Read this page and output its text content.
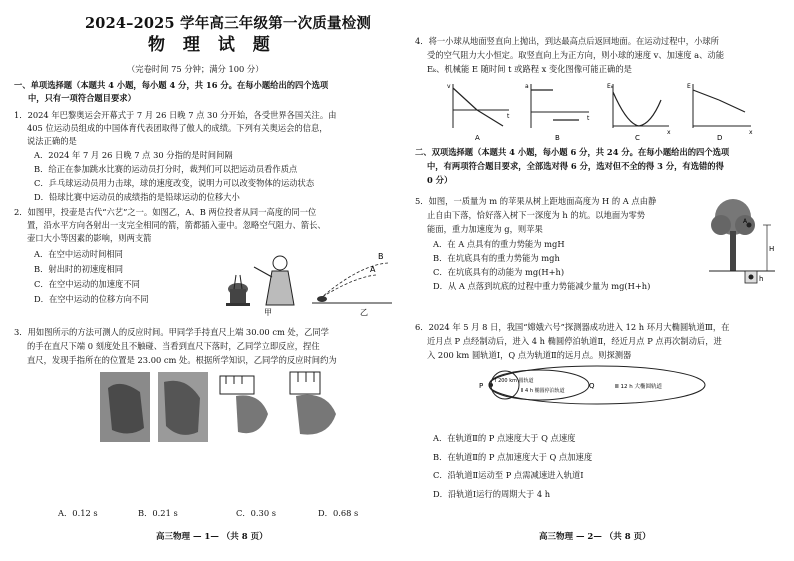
2024–2025 学年高三年级第一次质量检测
物 理 试 题
（完卷时间 75 分钟；满分 100 分）
一、单项选择题（本题共 4 小题，每小题 4 分，共 16 分。在每小题给出的四个选项
中，只有一项符合题目要求）
1．2024 年巴黎奥运会开幕式于 7 月 26 日晚 7 点 30 分开始，各受世界各国关注。由
405 位运动员组成的中国体育代表团取得了傲人的成绩。下列有关奥运会的信息，
说法正确的是
A．2024 年 7 月 26 日晚 7 点 30 分指的是时间间隔
B．给正在参加跳水比赛的运动员打分时，裁判们可以把运动员看作质点
C．乒乓球运动员用力击球，球的速度改变，说明力可以改变物体的运动状态
D．铅球比赛中运动员的成绩指的是铅球运动的位移大小
2．如图甲，投壶是古代“六艺”之一。如图乙，A、B 两位投者从同一高度的同一位
置，沿水平方向各射出一支完全相同的箭，箭都插入壶中。忽略空气阻力、箭长、
壶口大小等因素的影响，则两支箭
A．在空中运动时间相同
B．射出时的初速度相同
C．在空中运动的加速度不同
D．在空中运动的位移方向不同
甲
B
A
乙
3．用如图所示的方法可测人的反应时间。甲同学手持直尺上端 30.00 cm 处，乙同学
的手在直尺下端 0 刻度处且不触碰、当看到直尺下落时，乙同学立即反应，捏住
直尺，发现手指所在的位置是 23.00 cm 处。根据所学知识，乙同学的反应时间约为
A．0.12 s	B．0.21 s	C．0.30 s	D．0.68 s
高三物理 — 1— （共 8 页）
4．将一小球从地面竖直向上抛出，到达最高点后返回地面。在运动过程中，小球所
受的空气阻力大小恒定。取竖直向上为正方向，则小球的速度 v、加速度 a、动能
Eₖ、机械能 E 随时间 t 或路程 x 变化图像可能正确的是
v
t
A
a
t
B
Eₖ
x
C
E
x
D
二、双项选择题（本题共 4 小题，每小题 6 分，共 24 分。在每小题给出的四个选项
中，有两项符合题目要求，全部选对得 6 分，选对但不全的得 3 分，有选错的得
0 分）
5．如图，一质量为 m 的苹果从树上距地面高度为 H 的 A 点由静
止自由下落，恰好落入树下一深度为 h 的坑。以地面为零势
能面，重力加速度为 g，则苹果
A．在 A 点具有的重力势能为 mgH
B．在坑底具有的重力势能为 mgh
C．在坑底具有的动能为 mg(H+h)
D．从 A 点落到坑底的过程中重力势能减少量为 mg(H+h)
H
h
A
6．2024 年 5 月 8 日，我国“嫦娥六号”探测器成功进入 12 h 环月大椭圆轨道Ⅲ，在
近月点 P 点经制动后，进入 4 h 椭圆停泊轨道Ⅱ，经近月点 P 点再次制动后，进
入 200 km 圆轨道Ⅰ，Q 点为轨道Ⅱ的远月点。则探测器
P	Q
Ⅰ 200 km 圆轨道
Ⅱ 4 h 椭圆停泊轨道
Ⅲ 12 h 大椭圆轨道
A．在轨道Ⅱ的 P 点速度大于 Q 点速度
B．在轨道Ⅱ的 P 点加速度大于 Q 点加速度
C．沿轨道Ⅱ运动至 P 点需减速进入轨道Ⅰ
D．沿轨道Ⅰ运行的周期大于 4 h
高三物理 — 2— （共 8 页）
